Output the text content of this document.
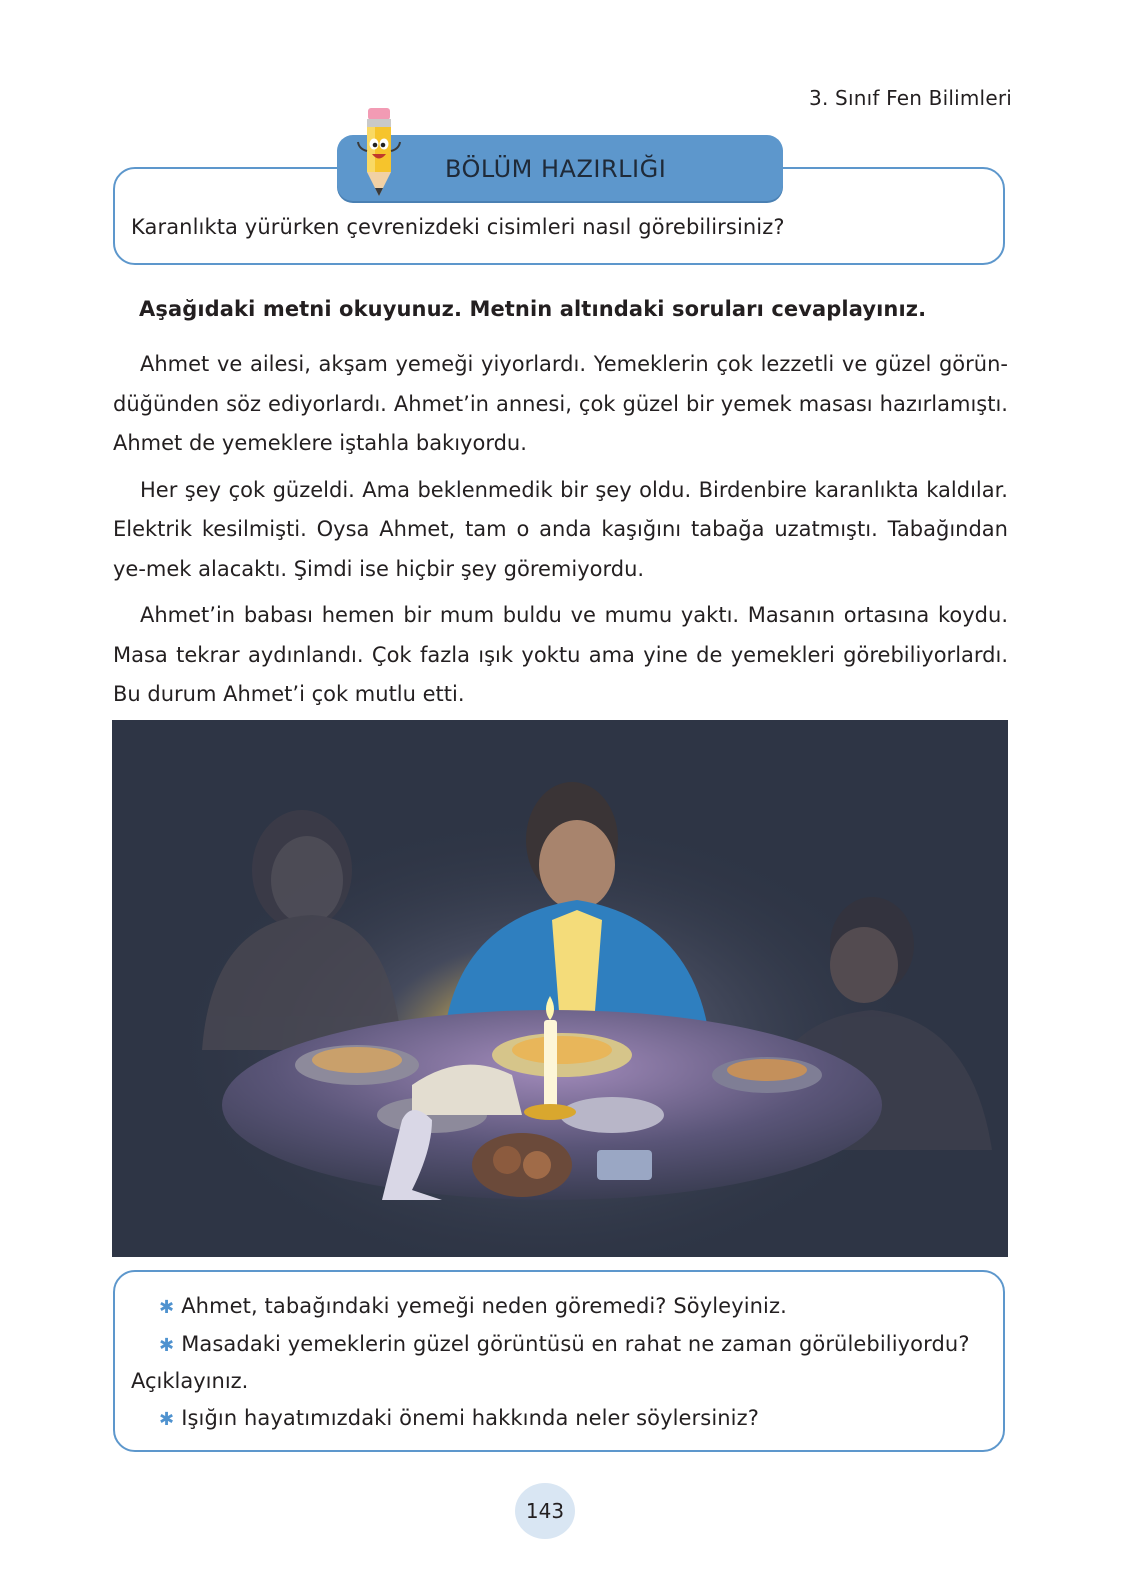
3. Sınıf Fen Bilimleri
Karanlıkta yürürken çevrenizdeki cisimleri nasıl görebilirsiniz?
BÖLÜM HAZIRLIĞI
Aşağıdaki metni okuyunuz. Metnin altındaki soruları cevaplayınız.

Ahmet ve ailesi, akşam yemeği yiyorlardı. Yemeklerin çok lezzetli ve güzel görün-düğünden söz ediyorlardı. Ahmet’in annesi, çok güzel bir yemek masası hazırlamıştı. Ahmet de yemeklere iştahla bakıyordu.

Her şey çok güzeldi. Ama beklenmedik bir şey oldu. Birdenbire karanlıkta kaldılar. Elektrik kesilmişti. Oysa Ahmet, tam o anda kaşığını tabağa uzatmıştı. Tabağından ye-mek alacaktı. Şimdi ise hiçbir şey göremiyordu.

Ahmet’in babası hemen bir mum buldu ve mumu yaktı. Masanın ortasına koydu. Masa tekrar aydınlandı. Çok fazla ışık yoktu ama yine de yemekleri görebiliyorlardı. Bu durum Ahmet’i çok mutlu etti.

✱ Ahmet, tabağındaki yemeği neden göremedi? Söyleyiniz.
✱ Masadaki yemeklerin güzel görüntüsü en rahat ne zaman görülebiliyordu?
Açıklayınız.
✱ Işığın hayatımızdaki önemi hakkında neler söylersiniz?
143
